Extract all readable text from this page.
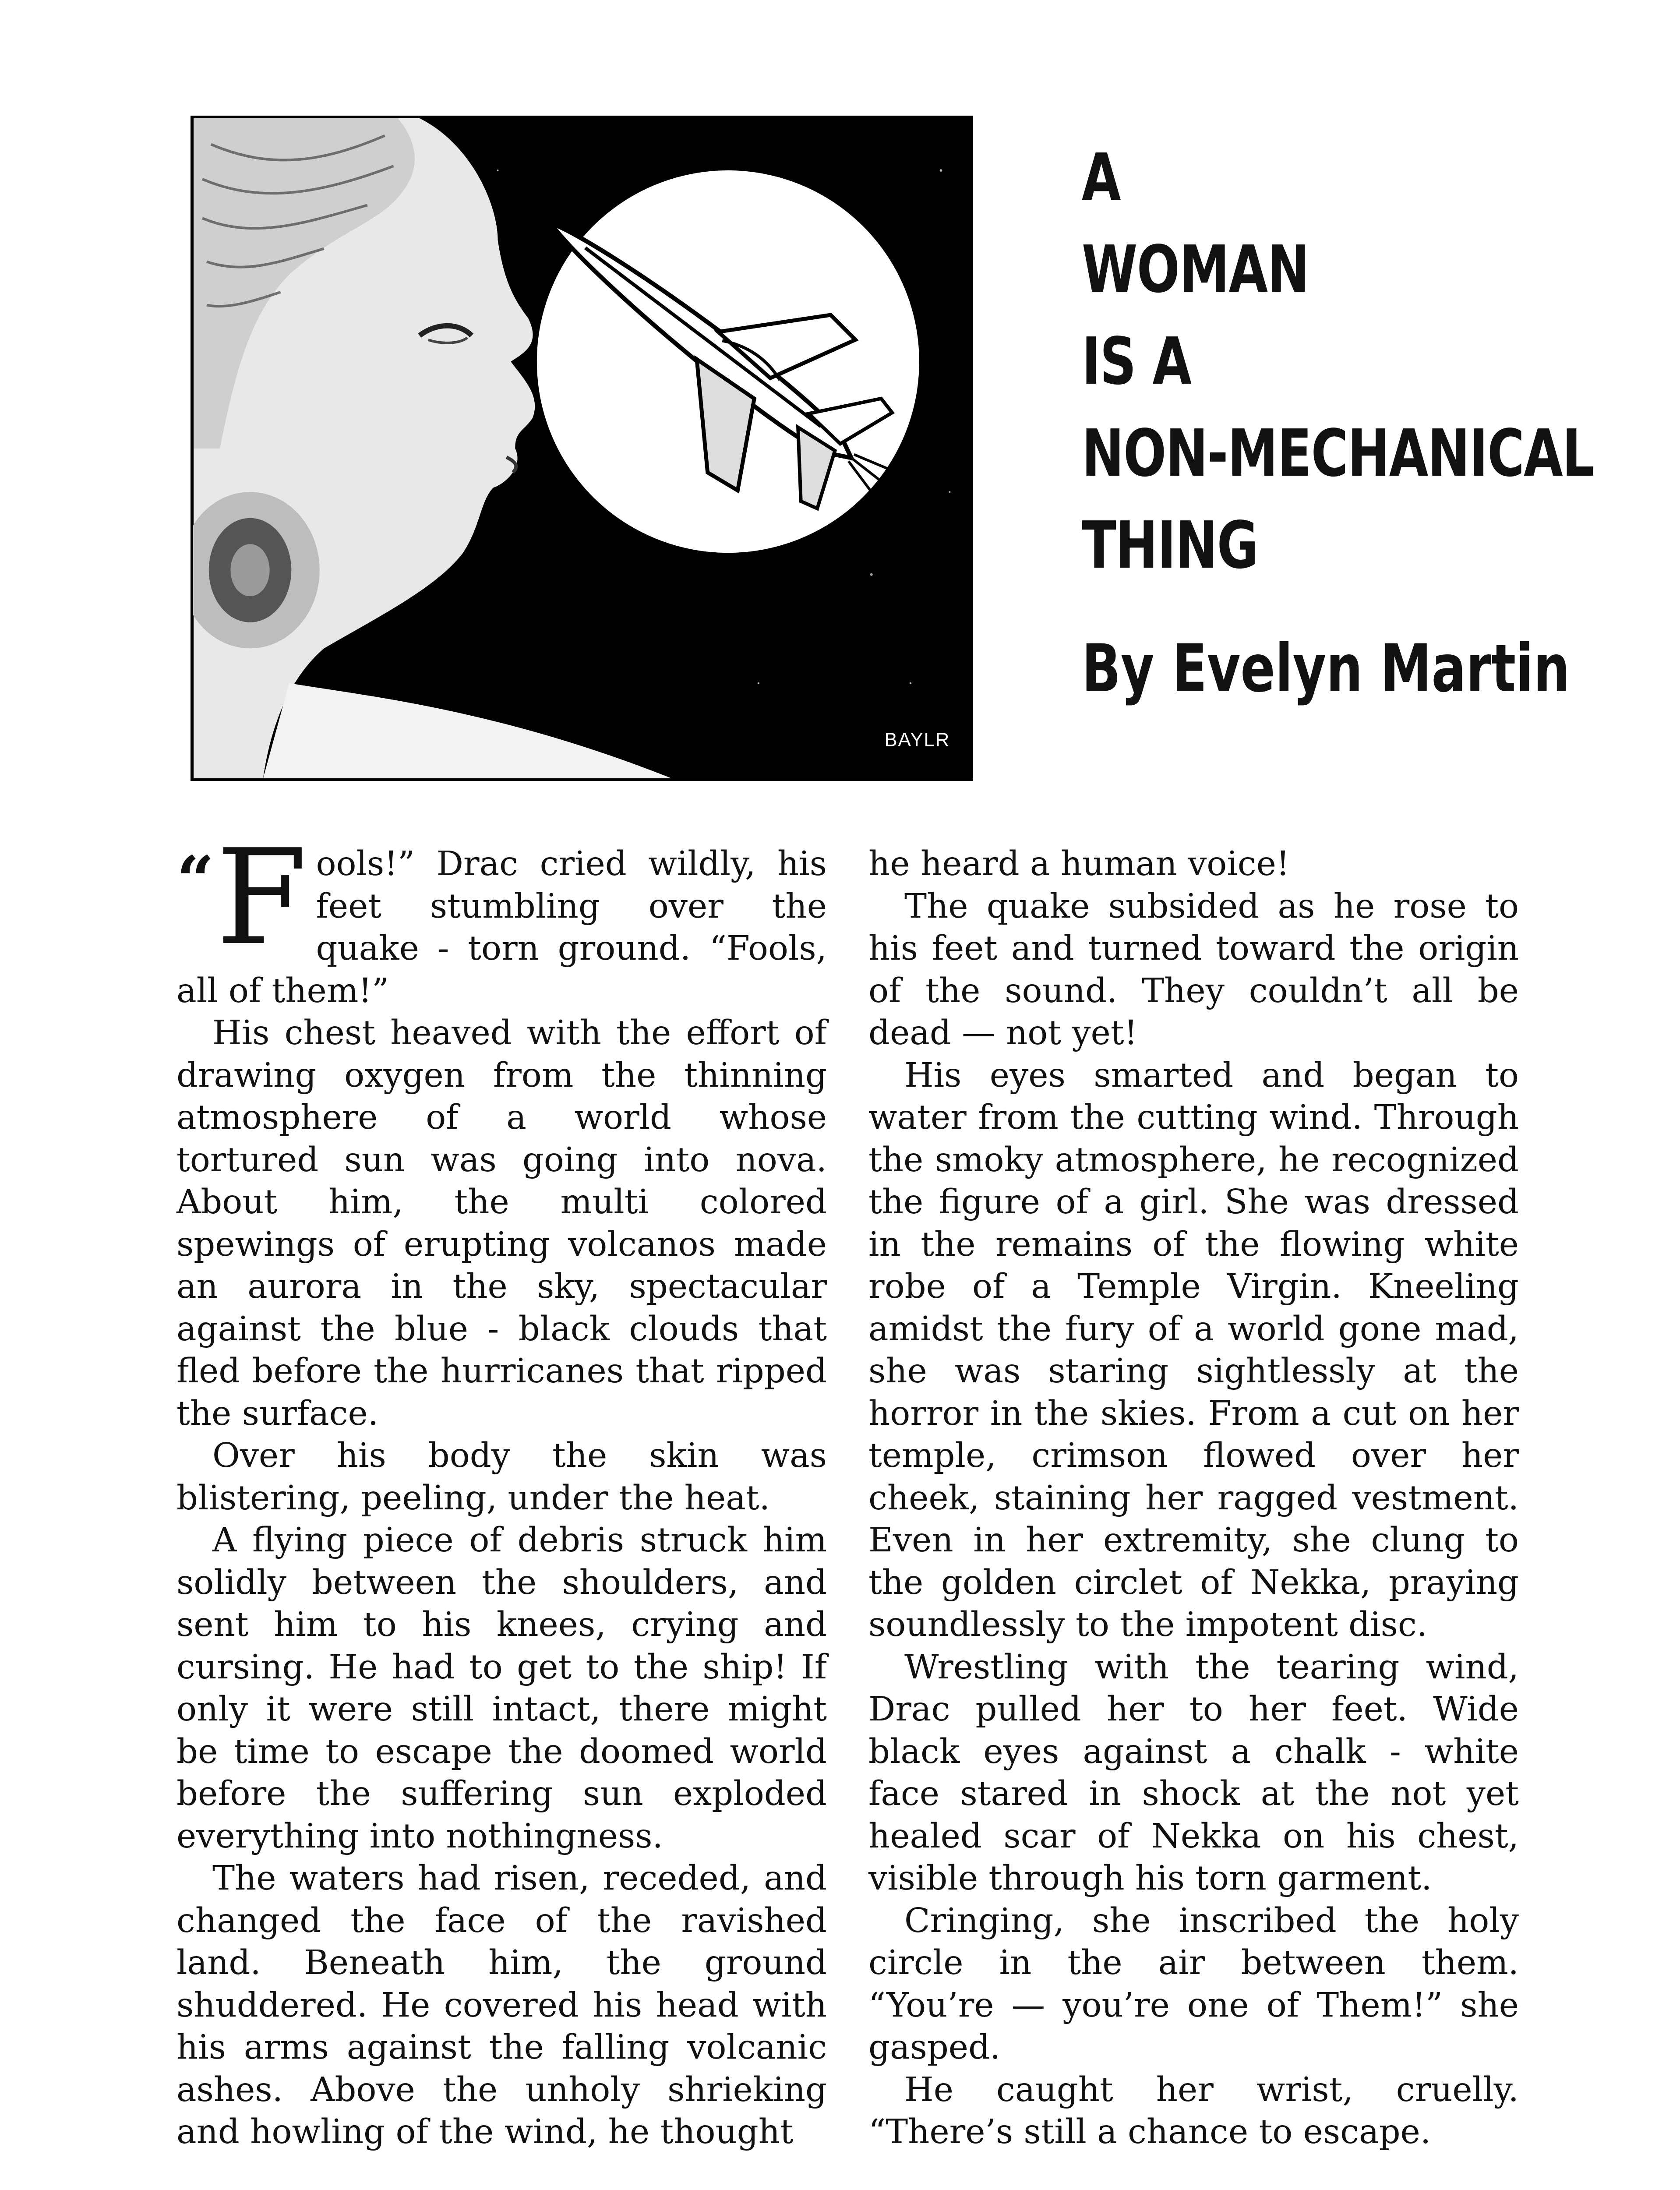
BAYLR
A
WOMAN
IS A
NON-MECHANICAL
THING
By Evelyn Martin

“F ools!” Drac cried wildly, his feet stumbling over the quake - torn ground. “Fools, all of them!”

His chest heaved with the effort of drawing oxygen from the thinning atmosphere of a world whose tortured sun was going into nova. About him, the multi colored spewings of erupting volcanos made an aurora in the sky, spectacular against the blue - black clouds that fled before the hurricanes that ripped the surface.

Over his body the skin was blistering, peeling, under the heat.

A flying piece of debris struck him solidly between the shoulders, and sent him to his knees, crying and cursing. He had to get to the ship! If only it were still intact, there might be time to escape the doomed world before the suffering sun exploded everything into nothingness.

The waters had risen, receded, and changed the face of the ravished land. Beneath him, the ground shuddered. He covered his head with his arms against the falling volcanic ashes. Above the unholy shrieking and howling of the wind, he thought

he heard a human voice!

The quake subsided as he rose to his feet and turned toward the origin of the sound. They couldn’t all be dead — not yet!

His eyes smarted and began to water from the cutting wind. Through the smoky atmosphere, he recognized the figure of a girl. She was dressed in the remains of the flowing white robe of a Temple Virgin. Kneeling amidst the fury of a world gone mad, she was staring sightlessly at the horror in the skies. From a cut on her temple, crimson flowed over her cheek, staining her ragged vestment. Even in her extremity, she clung to the golden circlet of Nekka, praying soundlessly to the impotent disc.

Wrestling with the tearing wind, Drac pulled her to her feet. Wide black eyes against a chalk - white face stared in shock at the not yet healed scar of Nekka on his chest, visible through his torn garment.

Cringing, she inscribed the holy circle in the air between them. “You’re — you’re one of Them!” she gasped.

He caught her wrist, cruelly. “There’s still a chance to escape.
